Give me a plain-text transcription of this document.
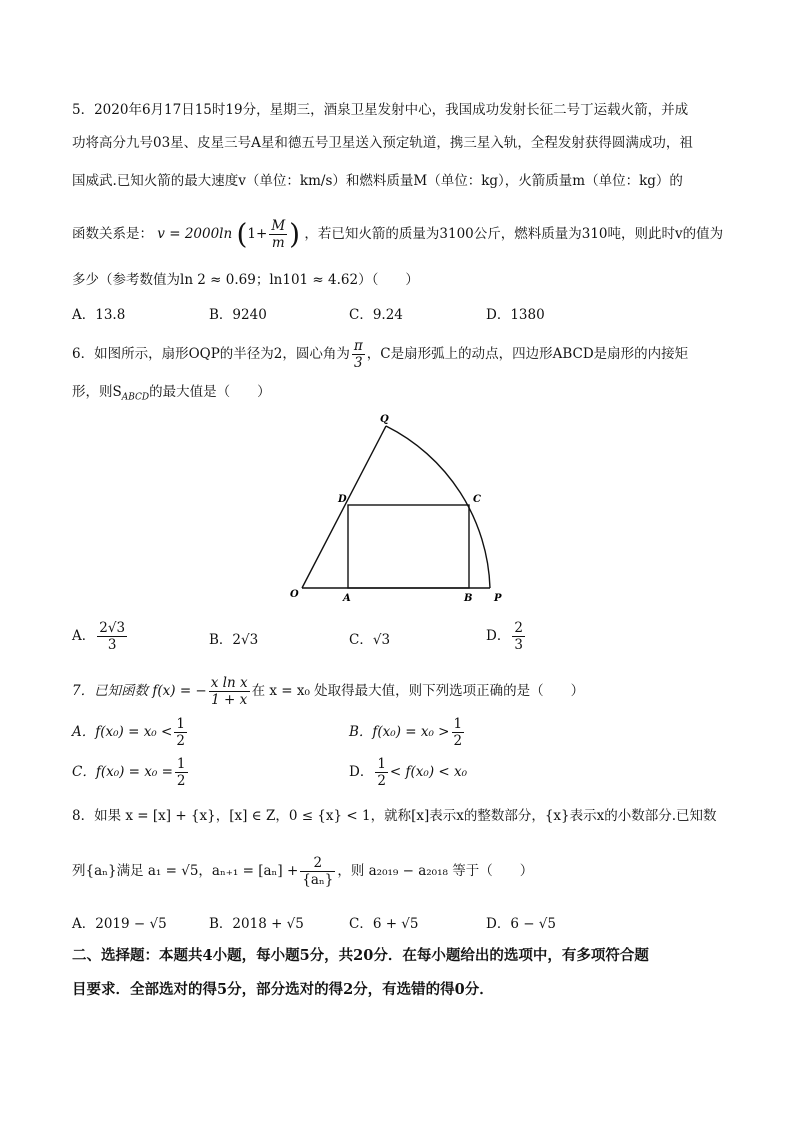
5．2020年6月17日15时19分，星期三，酒泉卫星发射中心，我国成功发射长征二号丁运载火箭，并成
功将高分九号03星、皮星三号A星和德五号卫星送入预定轨道，携三星入轨，全程发射获得圆满成功，祖
国威武.已知火箭的最大速度v（单位：km/s）和燃料质量M（单位：kg），火箭质量m（单位：kg）的
函数关系是： v = 2000ln ($1+ \frac{M}{m}$ ) ，若已知火箭的质量为3100公斤，燃料质量为310吨，则此时v的值为
多少（参考数值为ln 2 ≈ 0.69；ln101 ≈ 4.62）（　　）
A．13.8	B．9240	C．9.24	D．1380
6．如图所示，扇形OQP的半径为2，圆心角为 $\frac{\pi}{3}$ ，C是扇形弧上的动点，四边形ABCD是扇形的内接矩
形，则$S_{ABCD}$的最大值是（　　）
Q
D	C
O	A	B P
A． $\frac{2√3}{3}$	B．2√3	C．√3	D． $\frac{2}{3}$
7．已知函数 f(x) = − $\frac{\text{x ln x}}{1 + x}$ 在 x = x₀ 处取得最大值，则下列选项正确的是（　　）
A．$f(x_0) = x_0 < \frac{1}{2}$	B．$f(x_0) = x_0 > \frac{1}{2}$
C．$f(x_0) = x_0 = \frac{1}{2}$	D． $\frac{1}{2} < f(x_0) < x_0$
8．如果 x = [x] + {x}，[x] ∈ Z，0 ≤ {x} < 1，就称[x]表示x的整数部分，{x}表示x的小数部分.已知数
列{aₙ}满足 a₁ = √5，$a_{n+1} = [a_n] + \frac{2}{\text{\{aₙ\}}}$ ，则 a₂₀₁₉ − a₂₀₁₈ 等于（　　）
A．2019 − √5	B．2018 + √5	C．6 + √5	D．6 − √5
二、选择题：本题共4小题，每小题5分，共20分．在每小题给出的选项中，有多项符合题
目要求．全部选对的得5分，部分选对的得2分，有选错的得0分．
